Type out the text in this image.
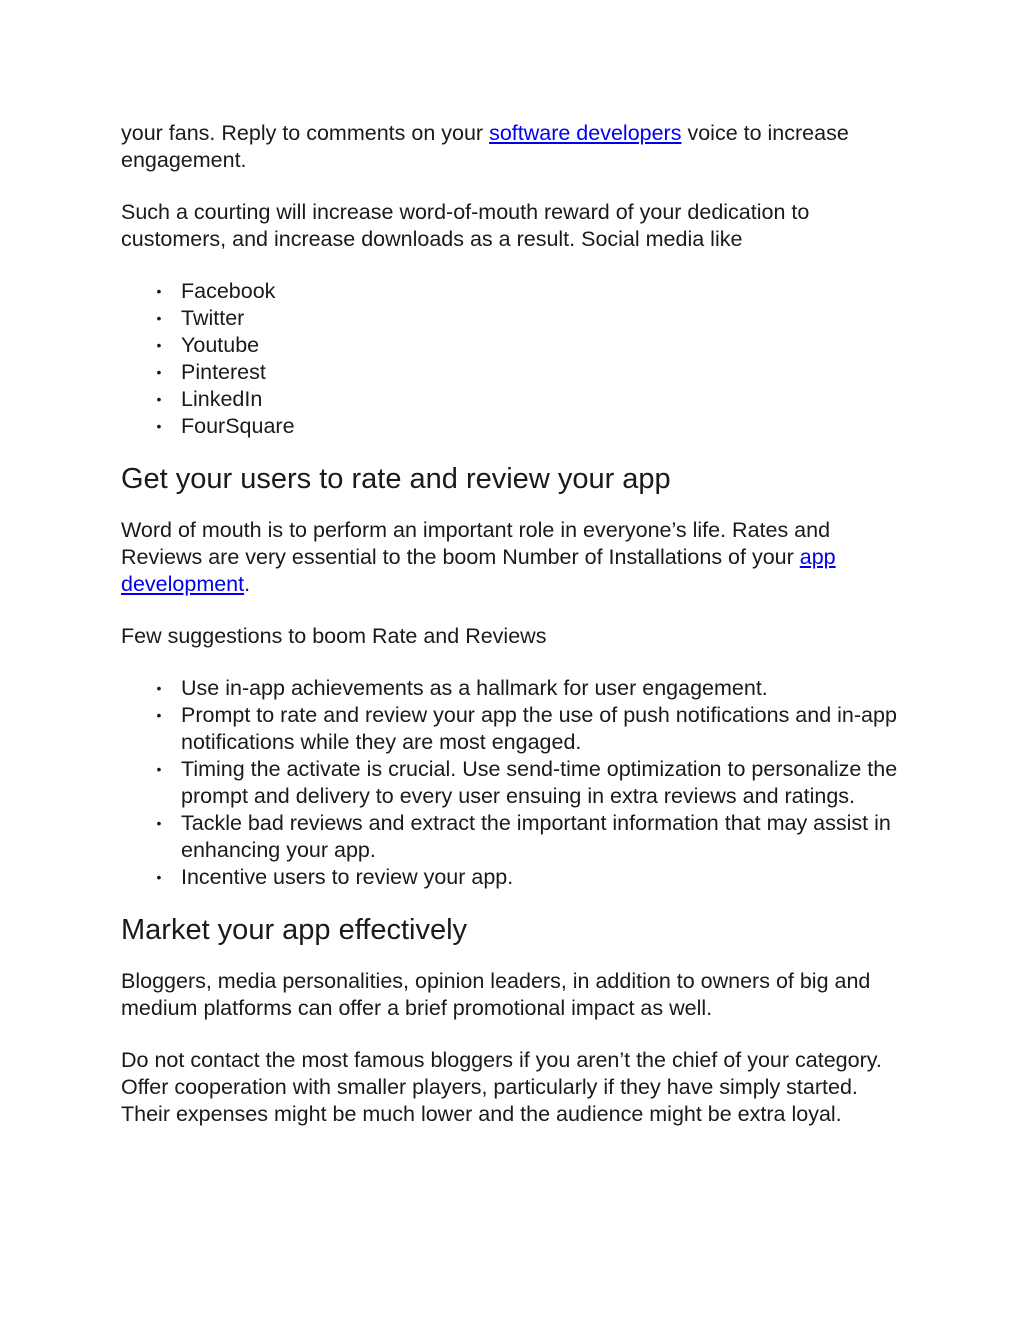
your fans. Reply to comments on your software developers voice to increase engagement.

Such a courting will increase word-of-mouth reward of your dedication to customers, and increase downloads as a result. Social media like

• Facebook
• Twitter
• Youtube
• Pinterest
• LinkedIn
• FourSquare
Get your users to rate and review your app

Word of mouth is to perform an important role in everyone’s life. Rates and Reviews are very essential to the boom Number of Installations of your app development.

Few suggestions to boom Rate and Reviews

• Use in-app achievements as a hallmark for user engagement.
• Prompt to rate and review your app the use of push notifications and in-app notifications while they are most engaged.
• Timing the activate is crucial. Use send-time optimization to personalize the prompt and delivery to every user ensuing in extra reviews and ratings.
• Tackle bad reviews and extract the important information that may assist in enhancing your app.
• Incentive users to review your app.
Market your app effectively

Bloggers, media personalities, opinion leaders, in addition to owners of big and medium platforms can offer a brief promotional impact as well.

Do not contact the most famous bloggers if you aren’t the chief of your category. Offer cooperation with smaller players, particularly if they have simply started. Their expenses might be much lower and the audience might be extra loyal.
